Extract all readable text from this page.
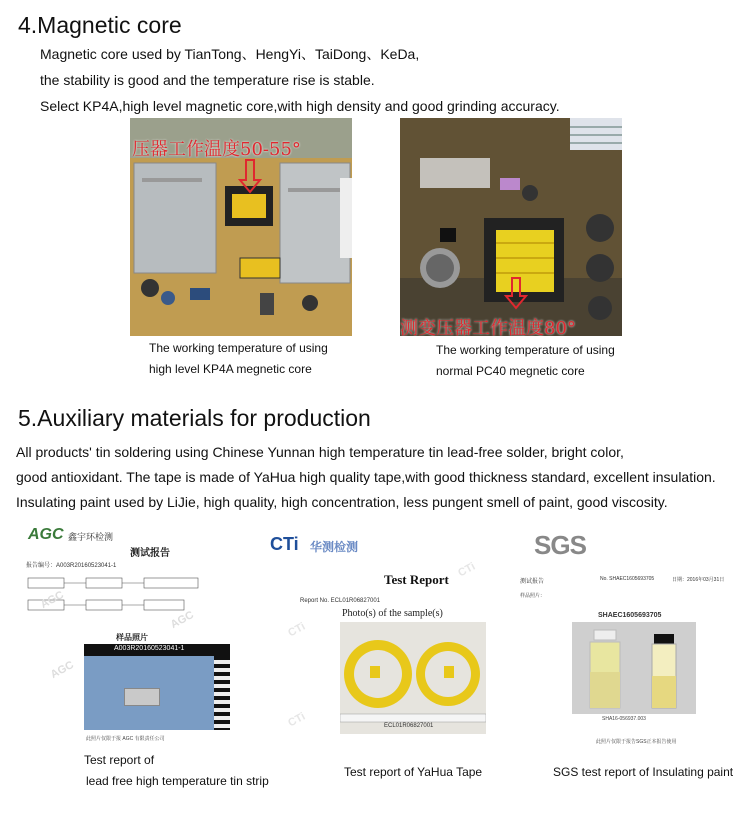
4.Magnetic core
Magnetic core used by TianTong、HengYi、TaiDong、KeDa,
the stability is good and the temperature rise is stable.
Select KP4A,high level magnetic core,with high density and good grinding accuracy.
压器工作温度50-55°
The working temperature of using
high level KP4A megnetic core
测变压器工作温度80°
The working temperature of using
normal PC40 megnetic core
5.Auxiliary materials for production
All products' tin soldering using Chinese Yunnan high temperature tin lead-free solder, bright color,
good antioxidant. The tape is made of YaHua high quality tape,with good thickness standard, excellent insulation.
Insulating paint used by LiJie, high quality, high concentration, less pungent smell of paint, good viscosity.
AGC 鑫宇环检测
测试报告
报告编号：A003R20160523041-1
样品照片
A003R20160523041-1
此照片仅限于报 AGC 有限责任公司
AGC
AGC
AGC
Test report of
lead free high temperature tin strip
CTi 华测检测
Test Report
Report No. ECL01R06827001
Photo(s) of the sample(s)
ECL01R06827001
CTi
CTi
CTi
Test report of YaHua Tape
SGS
测试报告	No. SHAEC1605693705	日期：2016年03月31日
样品照片：
SHAEC1605693705
SHA16-056937.003
此照片仅限于报告SGS正本报告使用
SGS test report of Insulating paint
